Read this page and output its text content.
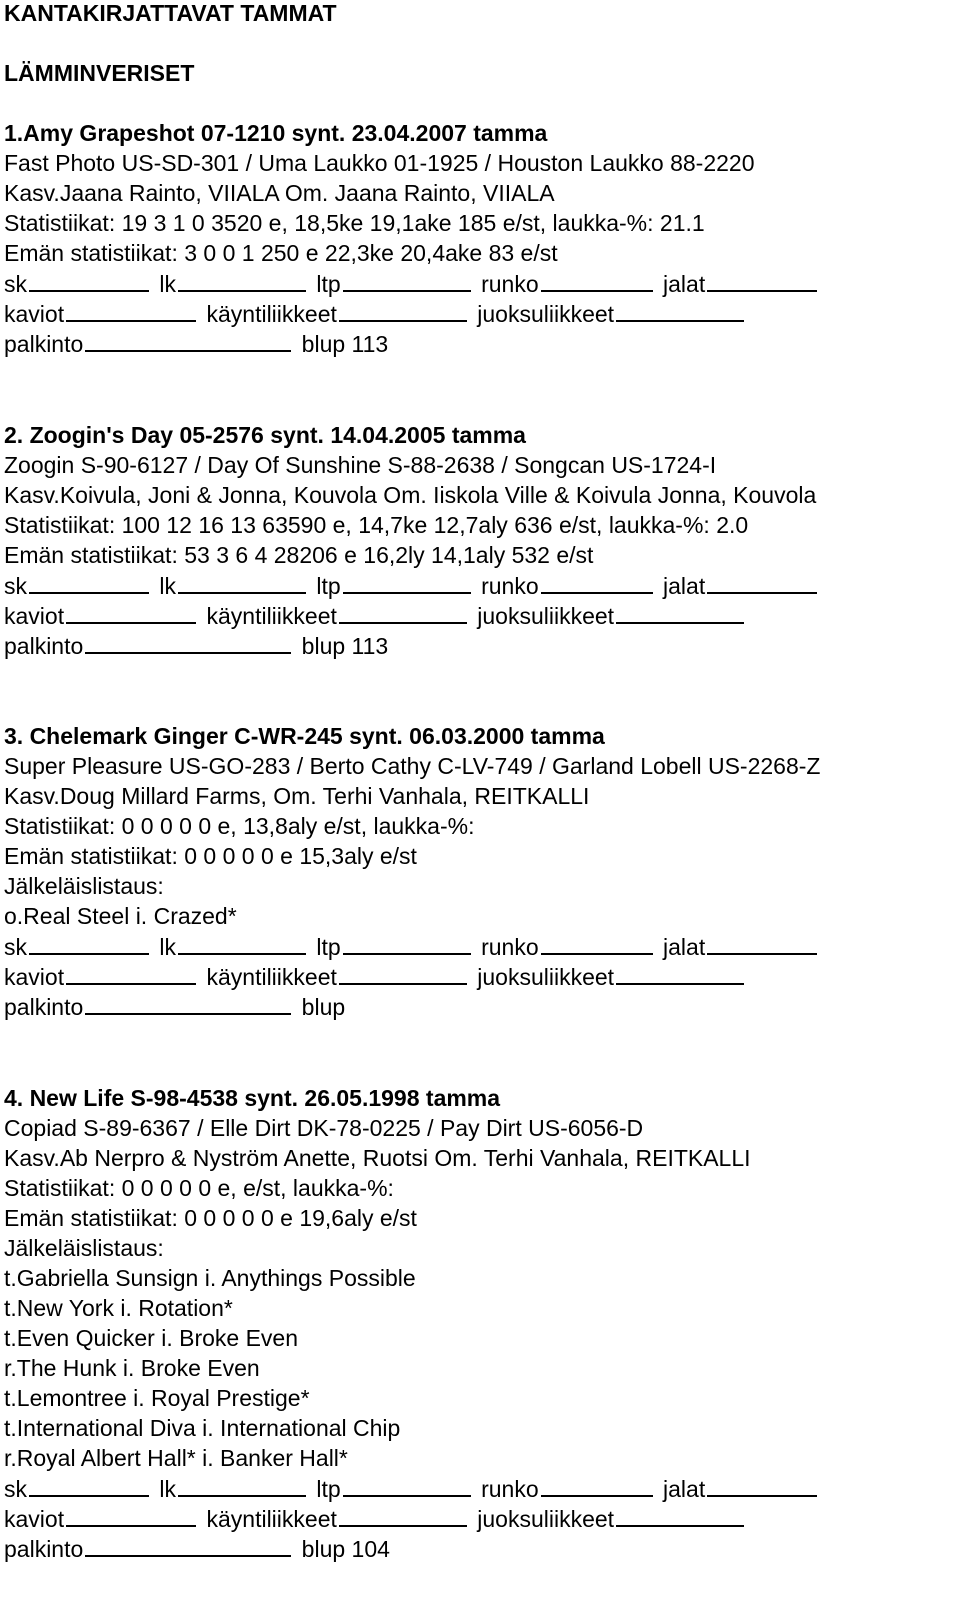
KANTAKIRJATTAVAT TAMMAT
LÄMMINVERISET
1.Amy Grapeshot 07-1210 synt. 23.04.2007 tamma
Fast Photo US-SD-301 / Uma Laukko 01-1925 / Houston Laukko 88-2220
Kasv.Jaana Rainto, VIIALA Om. Jaana Rainto, VIIALA
Statistiikat: 19 3 1 0 3520 e, 18,5ke 19,1ake 185 e/st, laukka-%: 21.1
Emän statistiikat: 3 0 0 1 250 e 22,3ke 20,4ake 83 e/st
sk	lk	ltp	runko	jalat
kaviot	käyntiliikkeet	juoksuliikkeet
palkinto	blup 113
2. Zoogin's Day 05-2576 synt. 14.04.2005 tamma
Zoogin S-90-6127 / Day Of Sunshine S-88-2638 / Songcan US-1724-I
Kasv.Koivula, Joni & Jonna, Kouvola Om. Iiskola Ville & Koivula Jonna, Kouvola
Statistiikat: 100 12 16 13 63590 e, 14,7ke 12,7aly 636 e/st, laukka-%: 2.0
Emän statistiikat: 53 3 6 4 28206 e 16,2ly 14,1aly 532 e/st
sk	lk	ltp	runko	jalat
kaviot	käyntiliikkeet	juoksuliikkeet
palkinto	blup 113
3. Chelemark Ginger C-WR-245 synt. 06.03.2000 tamma
Super Pleasure US-GO-283 / Berto Cathy C-LV-749 / Garland Lobell US-2268-Z
Kasv.Doug Millard Farms, Om. Terhi Vanhala, REITKALLI
Statistiikat: 0 0 0 0 0 e, 13,8aly e/st, laukka-%:
Emän statistiikat: 0 0 0 0 0 e 15,3aly e/st
Jälkeläislistaus:
o.Real Steel i. Crazed*
sk	lk	ltp	runko	jalat
kaviot	käyntiliikkeet	juoksuliikkeet
palkinto	blup
4. New Life S-98-4538 synt. 26.05.1998 tamma
Copiad S-89-6367 / Elle Dirt DK-78-0225 / Pay Dirt US-6056-D
Kasv.Ab Nerpro & Nyström Anette, Ruotsi Om. Terhi Vanhala, REITKALLI
Statistiikat: 0 0 0 0 0 e, e/st, laukka-%:
Emän statistiikat: 0 0 0 0 0 e 19,6aly e/st
Jälkeläislistaus:
t.Gabriella Sunsign i. Anythings Possible
t.New York i. Rotation*
t.Even Quicker i. Broke Even
r.The Hunk i. Broke Even
t.Lemontree i. Royal Prestige*
t.International Diva i. International Chip
r.Royal Albert Hall* i. Banker Hall*
sk	lk	ltp	runko	jalat
kaviot	käyntiliikkeet	juoksuliikkeet
palkinto	blup 104
